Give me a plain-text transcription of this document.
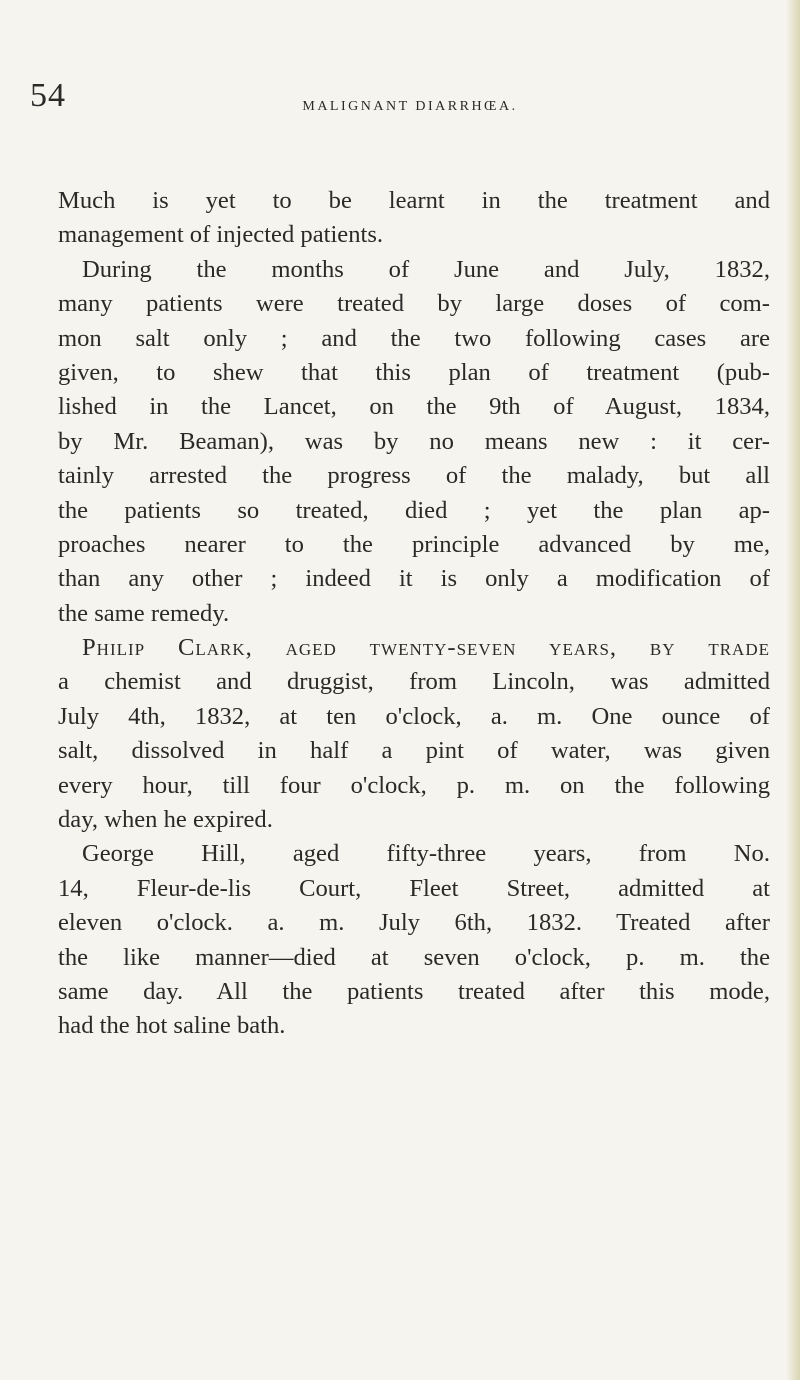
54	MALIGNANT DIARRHŒA.
Much is yet to be learnt in the treatment and
management of injected patients.
During the months of June and July, 1832,
many patients were treated by large doses of com-
mon salt only ; and the two following cases are
given, to shew that this plan of treatment (pub-
lished in the Lancet, on the 9th of August, 1834,
by Mr. Beaman), was by no means new : it cer-
tainly arrested the progress of the malady, but all
the patients so treated, died ; yet the plan ap-
proaches nearer to the principle advanced by me,
than any other ; indeed it is only a modification of
the same remedy.
Philip Clark, aged twenty-seven years, by trade
a chemist and druggist, from Lincoln, was admitted
July 4th, 1832, at ten o'clock, a. m. One ounce of
salt, dissolved in half a pint of water, was given
every hour, till four o'clock, p. m. on the following
day, when he expired.
George Hill, aged fifty-three years, from No.
14, Fleur-de-lis Court, Fleet Street, admitted at
eleven o'clock. a. m. July 6th, 1832. Treated after
the like manner—died at seven o'clock, p. m. the
same day. All the patients treated after this mode,
had the hot saline bath.
